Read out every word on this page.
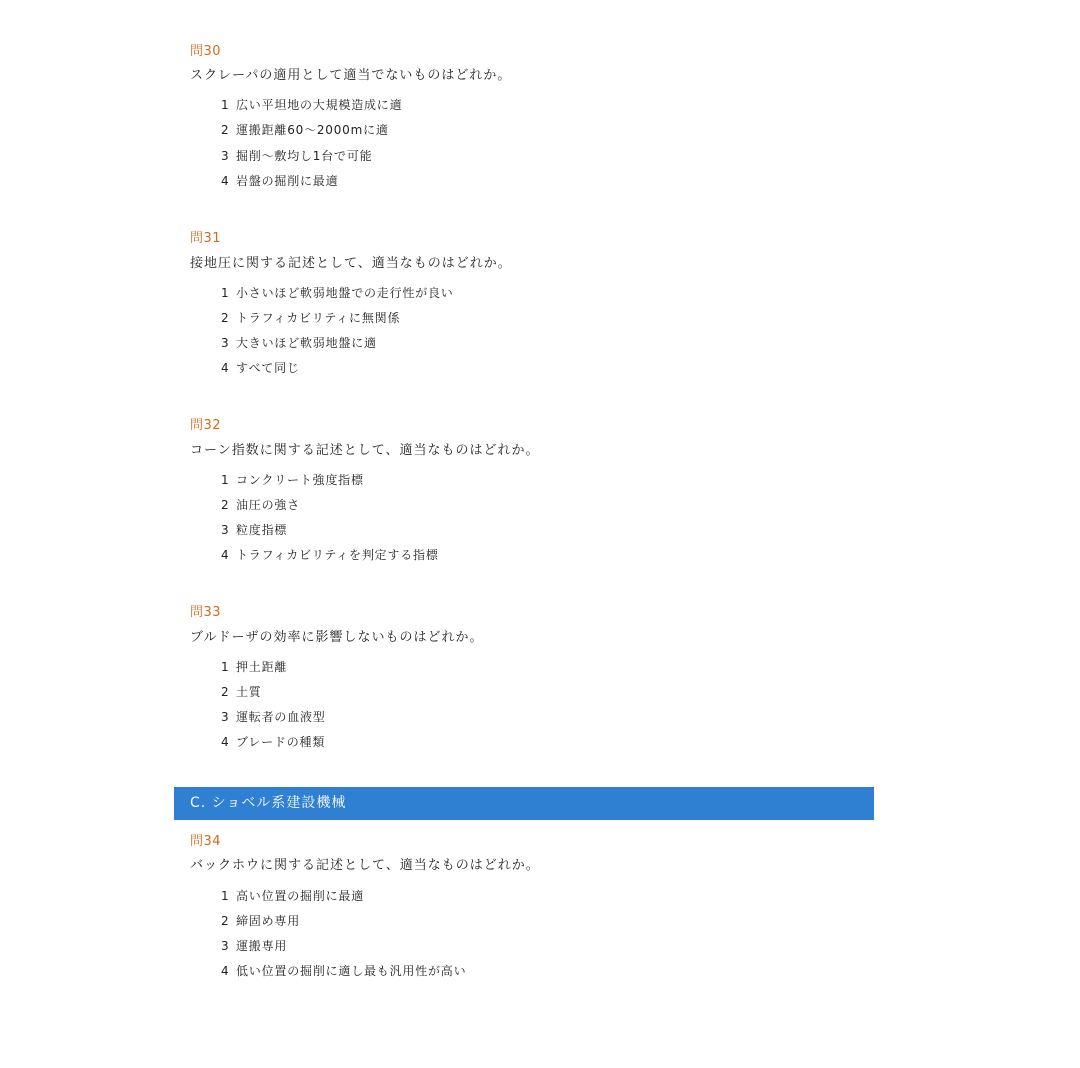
問30
スクレーパの適用として適当でないものはどれか。
1 広い平坦地の大規模造成に適
2 運搬距離60～2000mに適
3 掘削～敷均し1台で可能
4 岩盤の掘削に最適
問31
接地圧に関する記述として、適当なものはどれか。
1 小さいほど軟弱地盤での走行性が良い
2 トラフィカビリティに無関係
3 大きいほど軟弱地盤に適
4 すべて同じ
問32
コーン指数に関する記述として、適当なものはどれか。
1 コンクリート強度指標
2 油圧の強さ
3 粒度指標
4 トラフィカビリティを判定する指標
問33
ブルドーザの効率に影響しないものはどれか。
1 押土距離
2 土質
3 運転者の血液型
4 ブレードの種類
C. ショベル系建設機械
問34
バックホウに関する記述として、適当なものはどれか。
1 高い位置の掘削に最適
2 締固め専用
3 運搬専用
4 低い位置の掘削に適し最も汎用性が高い
